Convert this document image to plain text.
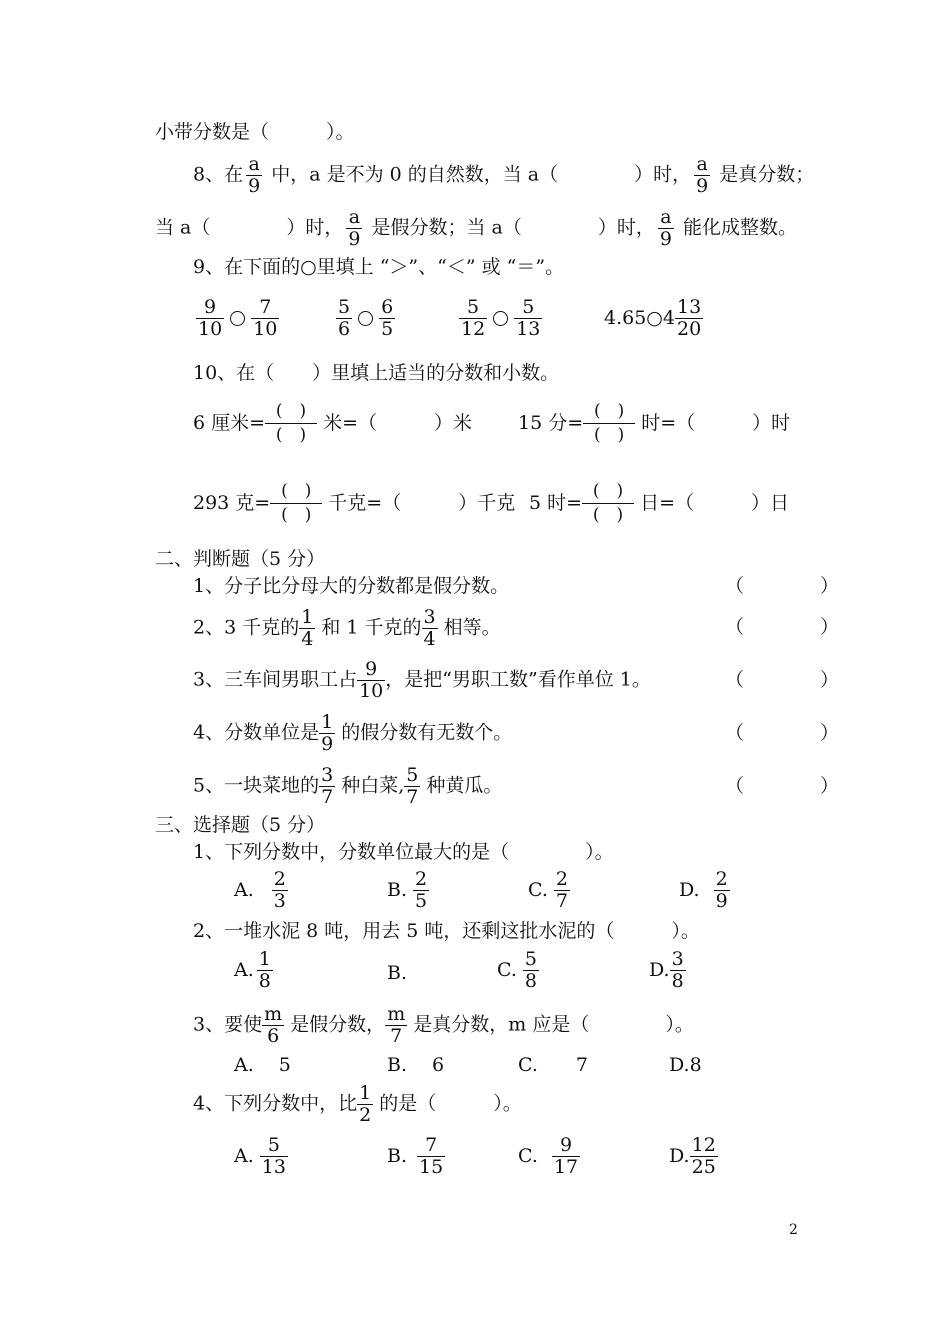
小带分数是（　　　）。
8、在 $\frac{a}{9}$ 中，a 是不为 0 的自然数，当 a（　　　　）时， $\frac{a}{9}$ 是真分数；
当 a（　　　　）时， $\frac{a}{9}$ 是假分数；当 a（　　　　）时， $\frac{a}{9}$ 能化成整数。
9、在下面的○里填上 “＞”、“＜” 或 “＝”。
$\frac{9}{10} \frac{7}{10}$	$\frac{5}{6} \frac{6}{5}$	$\frac{5}{12} \frac{5}{13}$	4.65○4 $\frac{13}{20}$
10、在（　　）里填上适当的分数和小数。
6 厘米=
(　)
(　)
米=（　　　）米 15 分=
(　)
(　)
时=（　　　）时
293 克=
(　)
(　)
千克=（　　　）千克 5 时=
(　)
(　)
日=（　　　）日
二、判断题（5 分）
1、分子比分母大的分数都是假分数。	（　　　　）
2、3 千克的 $\frac{1}{4}$ 和 1 千克的 $\frac{3}{4}$ 相等。	（　　　　）
3、三车间男职工占 $\frac{9}{10}$ ，是把“男职工数”看作单位 1。	（　　　　）
4、分数单位是 $\frac{1}{9}$ 的假分数有无数个。	（　　　　）
5、一块菜地的 $\frac{3}{7}$ 种白菜, $\frac{5}{7}$ 种黄瓜。	（　　　　）
三、选择题（5 分）
1、下列分数中，分数单位最大的是（　　　　）。
A. $\frac{2}{3}$	B. $\frac{2}{5}$	C. $\frac{2}{7}$	D. $\frac{2}{9}$
2、一堆水泥 8 吨，用去 5 吨，还剩这批水泥的（　　　）。
A. $\frac{1}{8}$	B.	C. $\frac{5}{8}$	D. $\frac{3}{8}$
3、要使 $\frac{m}{6}$ 是假分数， $\frac{m}{7}$ 是真分数，m 应是（　　　　）。
A.　 5	B.　 6	C.　　7	D.8
4、下列分数中，比 $\frac{1}{2}$ 的是（　　　）。
A. $\frac{5}{13}$	B. $\frac{7}{15}$	C. $\frac{9}{17}$	D. $\frac{12}{25}$
2
